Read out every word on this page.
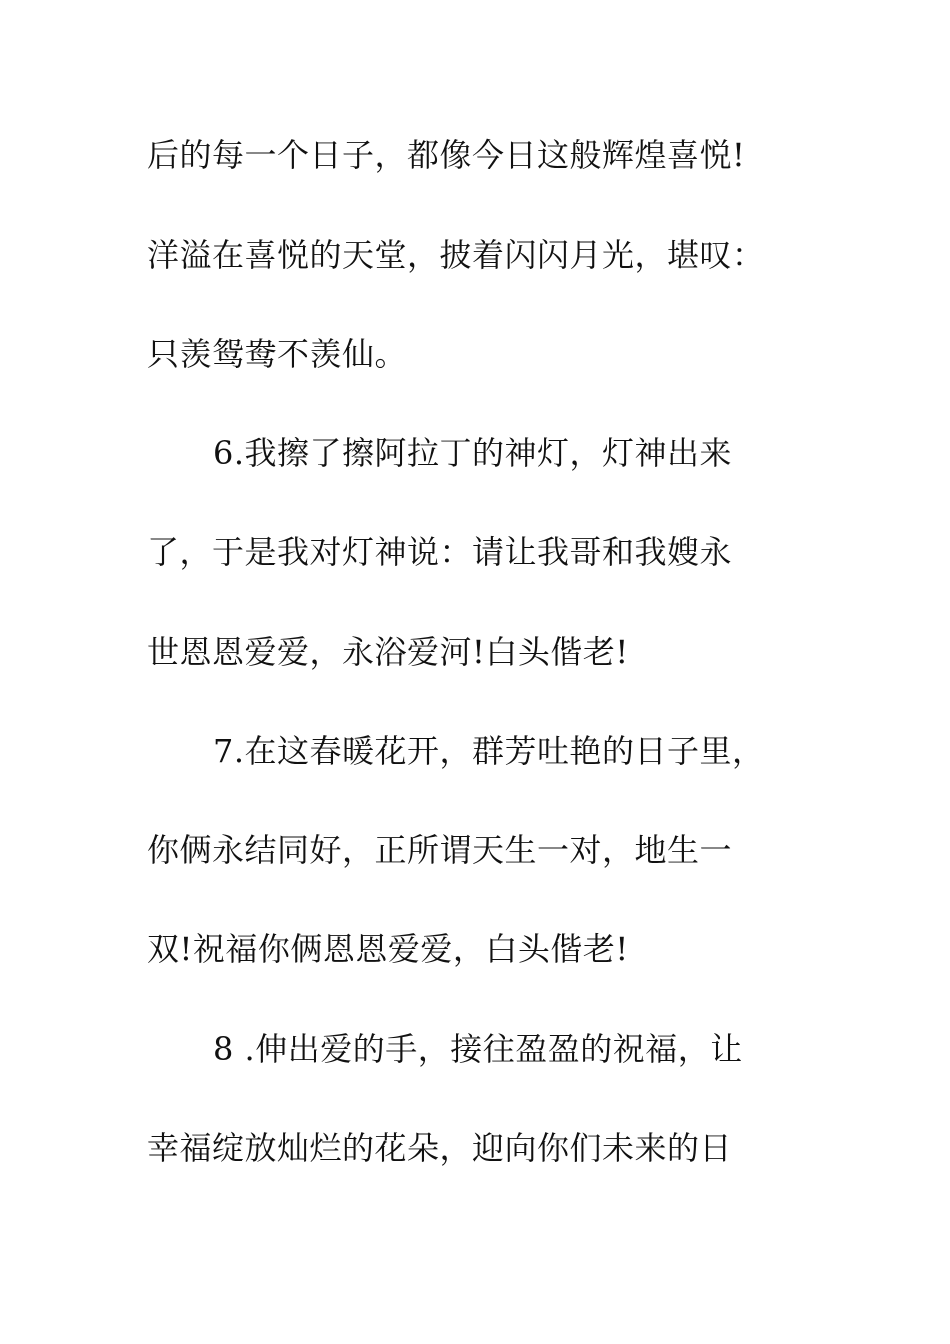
后的每一个日子，都像今日这般辉煌喜悦!
洋溢在喜悦的天堂，披着闪闪月光，堪叹：
只羡鸳鸯不羡仙。
6.我擦了擦阿拉丁的神灯，灯神出来
了，于是我对灯神说：请让我哥和我嫂永
世恩恩爱爱，永浴爱河!白头偕老!
7.在这春暖花开，群芳吐艳的日子里，
你俩永结同好，正所谓天生一对，地生一
双!祝福你俩恩恩爱爱，白头偕老!
8 .伸出爱的手，接往盈盈的祝福，让
幸福绽放灿烂的花朵，迎向你们未来的日
